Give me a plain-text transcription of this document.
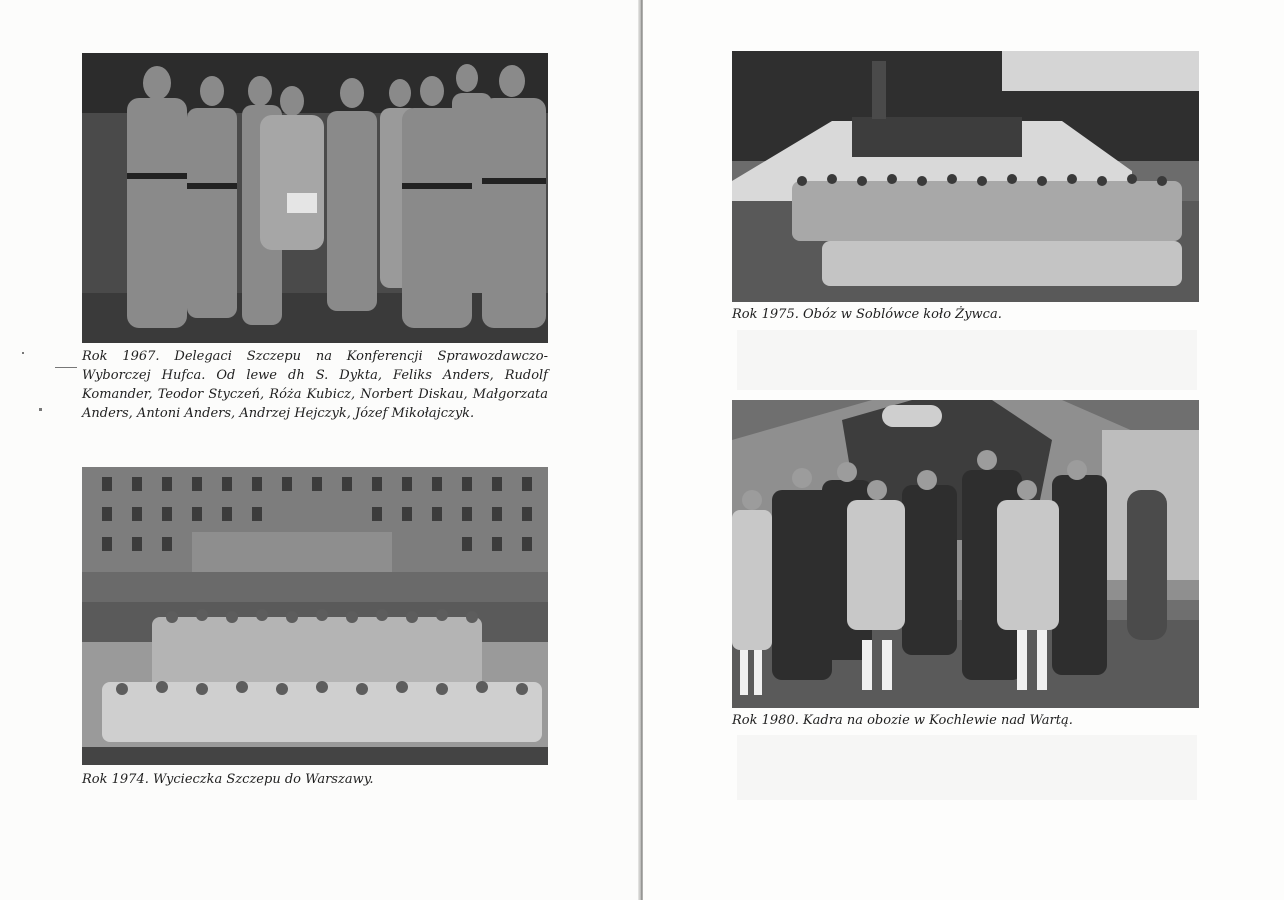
Rok 1967. Delegaci Szczepu na Konferencji Sprawozdawczo-Wyborczej Hufca. Od lewe dh S. Dykta, Feliks Anders, Rudolf Komander, Teodor Styczeń, Róża Kubicz, Norbert Diskau, Małgorzata Anders, Antoni Anders, Andrzej Hejczyk, Józef Mikołajczyk.

Rok 1974. Wycieczka Szczepu do Warszawy.

Rok 1975. Obóz w Soblówce koło Żywca.

Rok 1980. Kadra na obozie w Kochlewie nad Wartą.
